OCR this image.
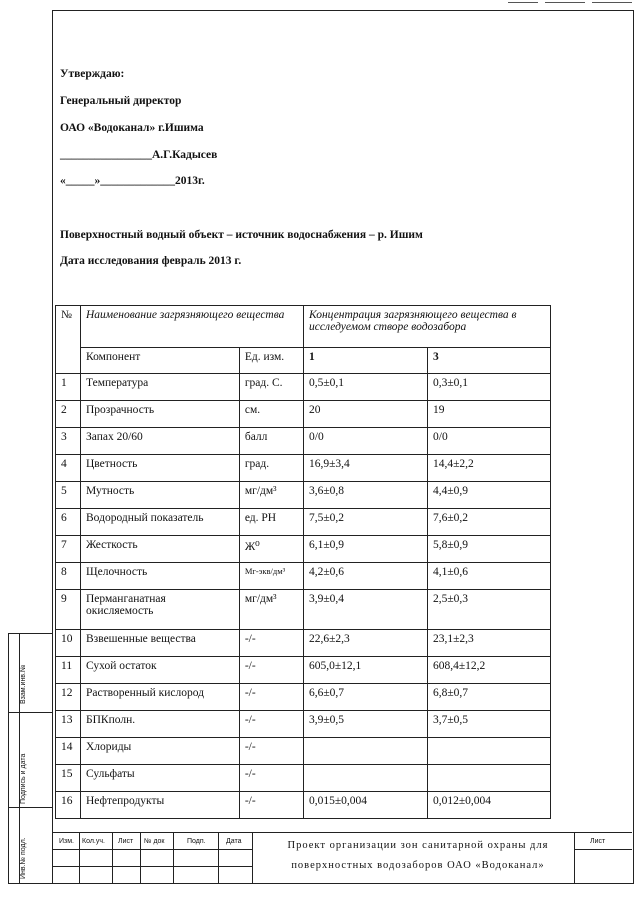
Утверждаю:
Генеральный директор
ОАО «Водоканал» г.Ишима
________________А.Г.Кадысев
«_____»_____________2013г.
Поверхностный водный объект – источник водоснабжения – р. Ишим
Дата исследования февраль 2013 г.
№	Наименование загрязняющего вещества		Концентрация загрязняющего вещества в исследуемом створе водозабора	
	Компонент	Ед. изм.	1	3
1	Температура	град. С.	0,5±0,1	0,3±0,1
2	Прозрачность	см.	20	19
3	Запах 20/60	балл	0/0	0/0
4	Цветность	град.	16,9±3,4	14,4±2,2
5	Мутность	мг/дм³	3,6±0,8	4,4±0,9
6	Водородный показатель	ед. РН	7,5±0,2	7,6±0,2
7	Жесткость	Ж⁰	6,1±0,9	5,8±0,9
8	Щелочность	Мг-экв/дм³	4,2±0,6	4,1±0,6
9	Перманганатная окисляемость	мг/дм³	3,9±0,4	2,5±0,3
10	Взвешенные вещества	-/-	22,6±2,3	23,1±2,3
11	Сухой остаток	-/-	605,0±12,1	608,4±12,2
12	Растворенный кислород	-/-	6,6±0,7	6,8±0,7
13	БПКполн.	-/-	3,9±0,5	3,7±0,5
14	Хлориды	-/-		
15	Сульфаты	-/-		
16	Нефтепродукты	-/-	0,015±0,004	0,012±0,004
Взам.инв.№
Подпись и дата
Инв.№ подл.	Изм. Кол.уч. Лист № док	Подп.	Дата	Лист
Проект организации зон санитарной охраны для поверхностных водозаборов ОАО «Водоканал»
